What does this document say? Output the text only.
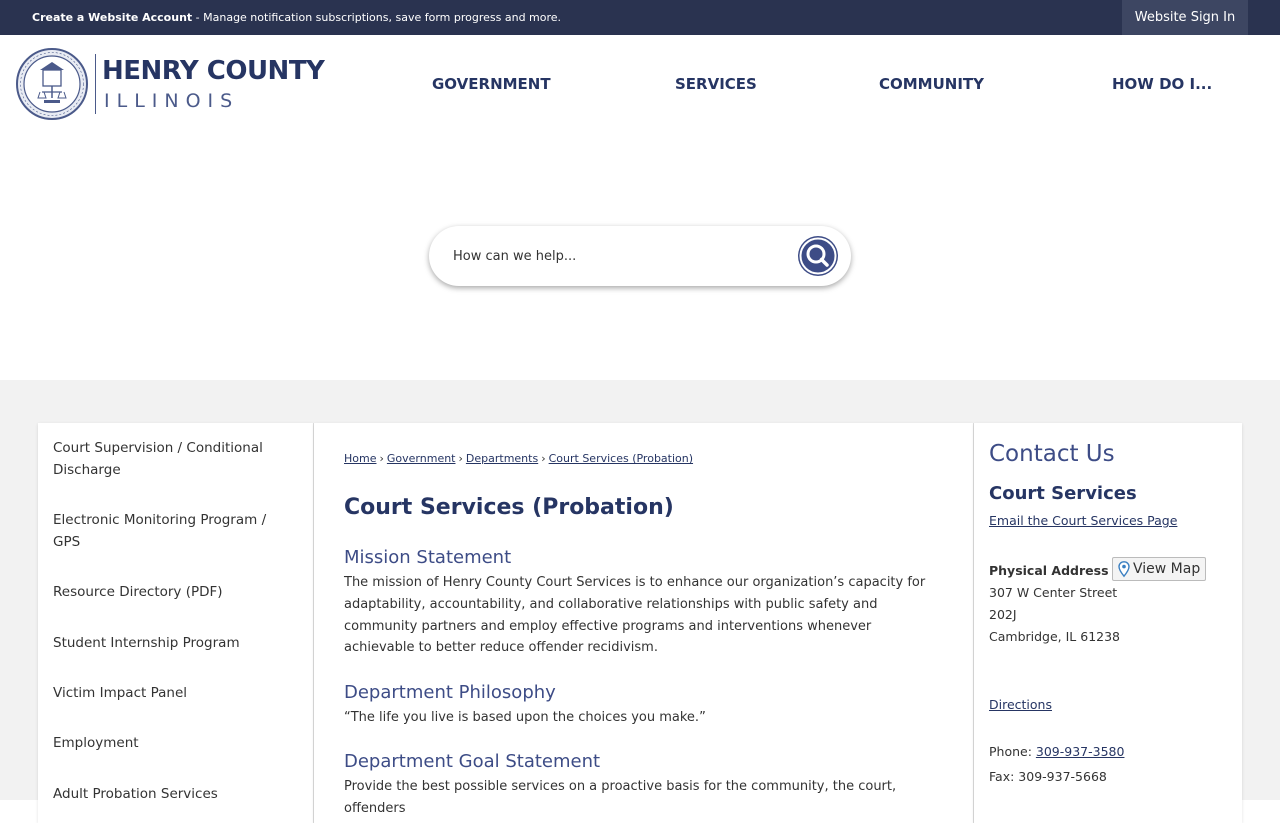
Create a Website Account - Manage notification subscriptions, save form progress and more.	Website Sign In
HENRY COUNTY
ILLINOIS
GOVERNMENT	SERVICES	COMMUNITY	HOW DO I...
How can we help...
Court Supervision / Conditional Discharge
Electronic Monitoring Program / GPS
Resource Directory (PDF)
Student Internship Program
Victim Impact Panel
Employment
Adult Probation Services
Home › Government › Departments › Court Services (Probation)
Court Services (Probation)
Mission Statement

The mission of Henry County Court Services is to enhance our organization’s capacity for adaptability, accountability, and collaborative relationships with public safety and community partners and employ effective programs and interventions whenever achievable to better reduce offender recidivism.

Department Philosophy

“The life you live is based upon the choices you make.”

Department Goal Statement

Provide the best possible services on a proactive basis for the community, the court, offenders

Contact Us
Court Services
Email the Court Services Page
Physical Address View Map
307 W Center Street
202J
Cambridge, IL 61238
Directions
Phone: 309-937-3580
Fax: 309-937-5668
